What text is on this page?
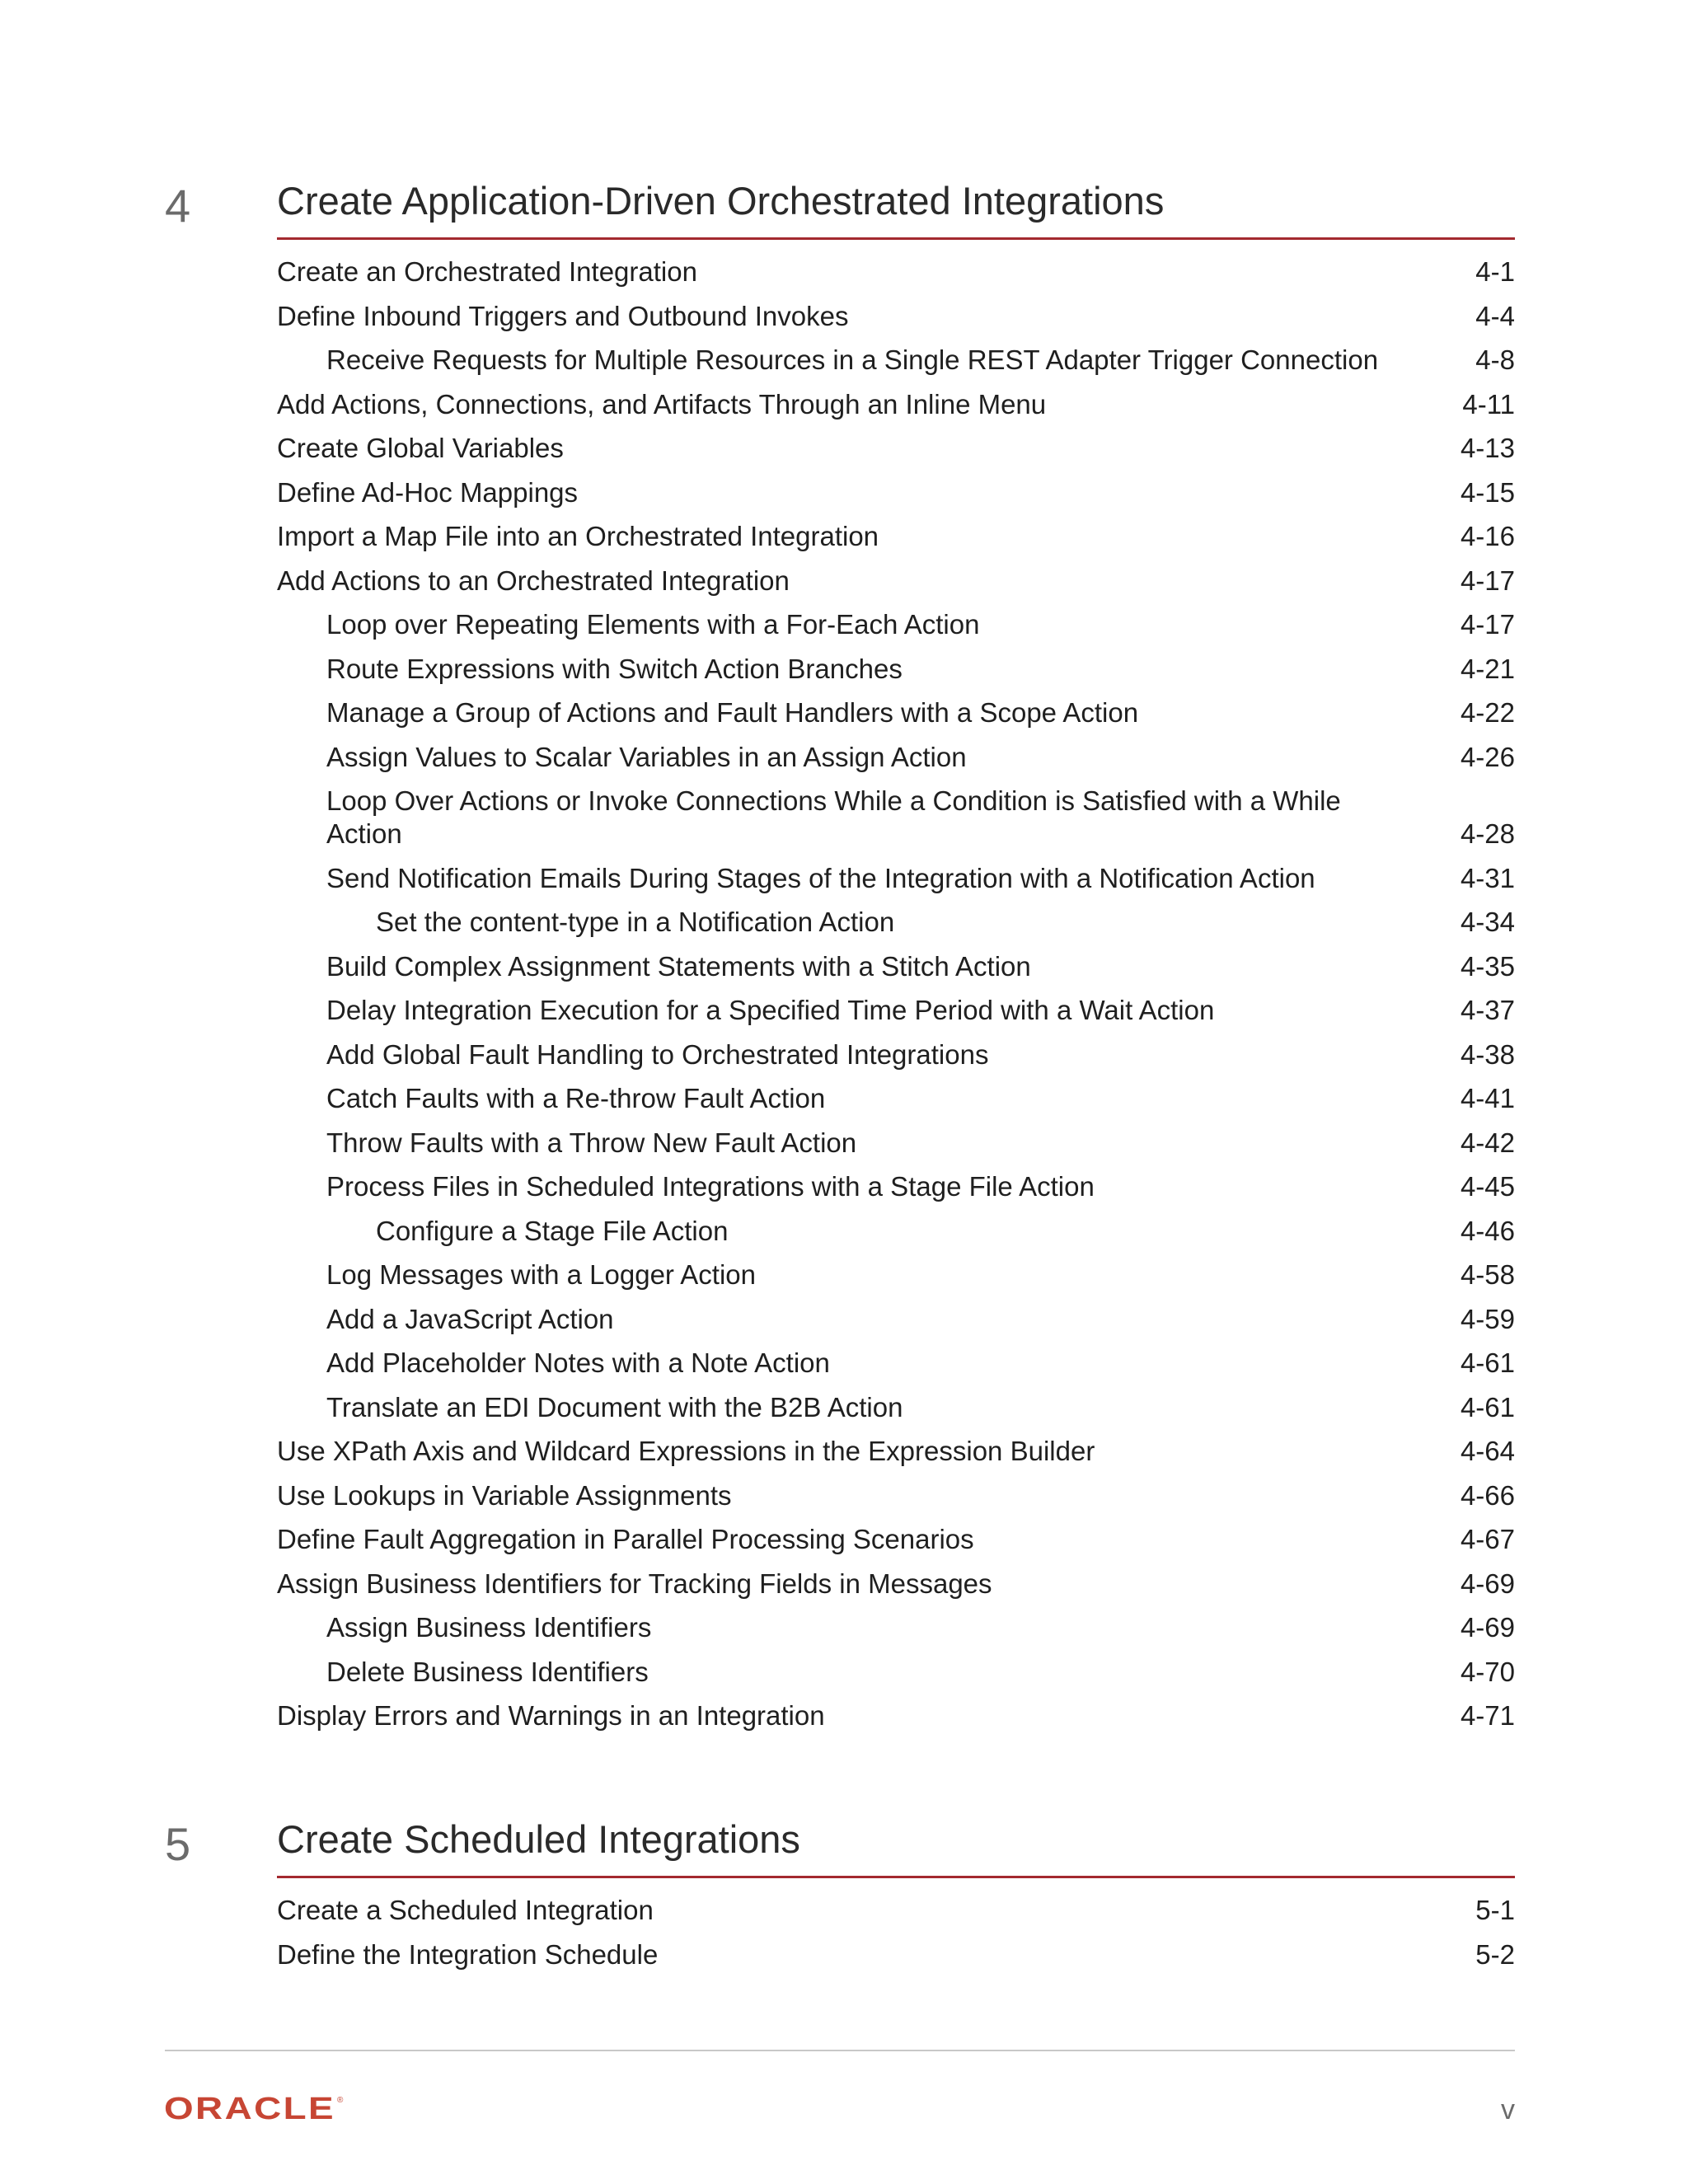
4 Create Application-Driven Orchestrated Integrations
Create an Orchestrated Integration	4-1
Define Inbound Triggers and Outbound Invokes	4-4
Receive Requests for Multiple Resources in a Single REST Adapter Trigger Connection	4-8
Add Actions, Connections, and Artifacts Through an Inline Menu	4-11
Create Global Variables	4-13
Define Ad-Hoc Mappings	4-15
Import a Map File into an Orchestrated Integration	4-16
Add Actions to an Orchestrated Integration	4-17
Loop over Repeating Elements with a For-Each Action	4-17
Route Expressions with Switch Action Branches	4-21
Manage a Group of Actions and Fault Handlers with a Scope Action	4-22
Assign Values to Scalar Variables in an Assign Action	4-26
Loop Over Actions or Invoke Connections While a Condition is Satisfied with a While Action	4-28
Send Notification Emails During Stages of the Integration with a Notification Action	4-31
Set the content-type in a Notification Action	4-34
Build Complex Assignment Statements with a Stitch Action	4-35
Delay Integration Execution for a Specified Time Period with a Wait Action	4-37
Add Global Fault Handling to Orchestrated Integrations	4-38
Catch Faults with a Re-throw Fault Action	4-41
Throw Faults with a Throw New Fault Action	4-42
Process Files in Scheduled Integrations with a Stage File Action	4-45
Configure a Stage File Action	4-46
Log Messages with a Logger Action	4-58
Add a JavaScript Action	4-59
Add Placeholder Notes with a Note Action	4-61
Translate an EDI Document with the B2B Action	4-61
Use XPath Axis and Wildcard Expressions in the Expression Builder	4-64
Use Lookups in Variable Assignments	4-66
Define Fault Aggregation in Parallel Processing Scenarios	4-67
Assign Business Identifiers for Tracking Fields in Messages	4-69
Assign Business Identifiers	4-69
Delete Business Identifiers	4-70
Display Errors and Warnings in an Integration	4-71
5 Create Scheduled Integrations
Create a Scheduled Integration	5-1
Define the Integration Schedule	5-2
ORACLE ®	v
